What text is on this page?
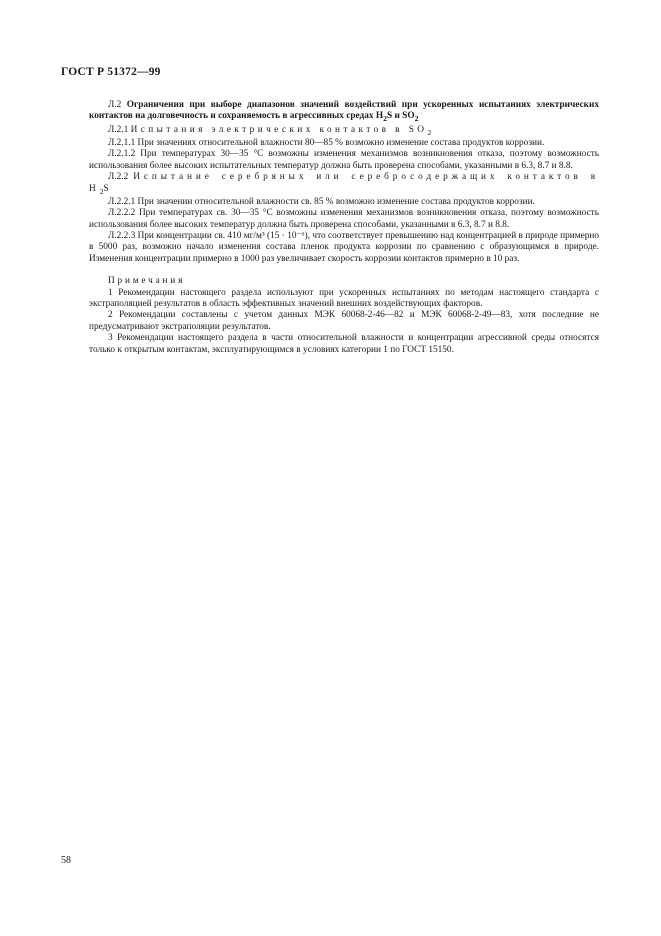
ГОСТ Р 51372—99

Л.2 Ограничения при выборе диапазонов значений воздействий при ускоренных испытаниях электрических контактов на долговечность и сохраняемость в агрессивных средах $H_2S$ и $SO_2$

Л.2.1 Испытания электрических контактов в $SO_2$

Л.2.1.1 При значениях относительной влажности 80—85 % возможно изменение состава продуктов коррозии.

Л.2.1.2 При температурах 30—35 °С возможны изменения механизмов возникновения отказа, поэтому возможность использования более высоких испытательных температур должна быть проверена способами, указанными в 6.3, 8.7 и 8.8.

Л.2.2 Испытание серебряных или серебросодержащих контактов в $H_2S$

Л.2.2.1 При значении относительной влажности св. 85 % возможно изменение состава продуктов коррозии.

Л.2.2.2 При температурах св. 30—35 °С возможны изменения механизмов возникновения отказа, поэтому возможность использования более высоких температур должна быть проверена способами, указанными в 6.3, 8.7 и 8.8.

Л.2.2.3 При концентрации св. 410 мг/м³ (15 · 10⁻⁶), что соответствует превышению над концентрацией в природе примерно в 5000 раз, возможно начало изменения состава пленок продукта коррозии по сравнению с образующимся в природе. Изменения концентрации примерно в 1000 раз увеличивает скорость коррозии контактов примерно в 10 раз.

Примечания

1 Рекомендации настоящего раздела используют при ускоренных испытаниях по методам настоящего стандарта с экстраполяцией результатов в область эффективных значений внешних воздействующих факторов.

2 Рекомендации составлены с учетом данных МЭК 60068-2-46—82 и МЭК 60068-2-49—83, хотя последние не предусматривают экстраполяции результатов.

3 Рекомендации настоящего раздела в части относительной влажности и концентрации агрессивной среды относятся только к открытым контактам, эксплуатирующимся в условиях категории 1 по ГОСТ 15150.

58
